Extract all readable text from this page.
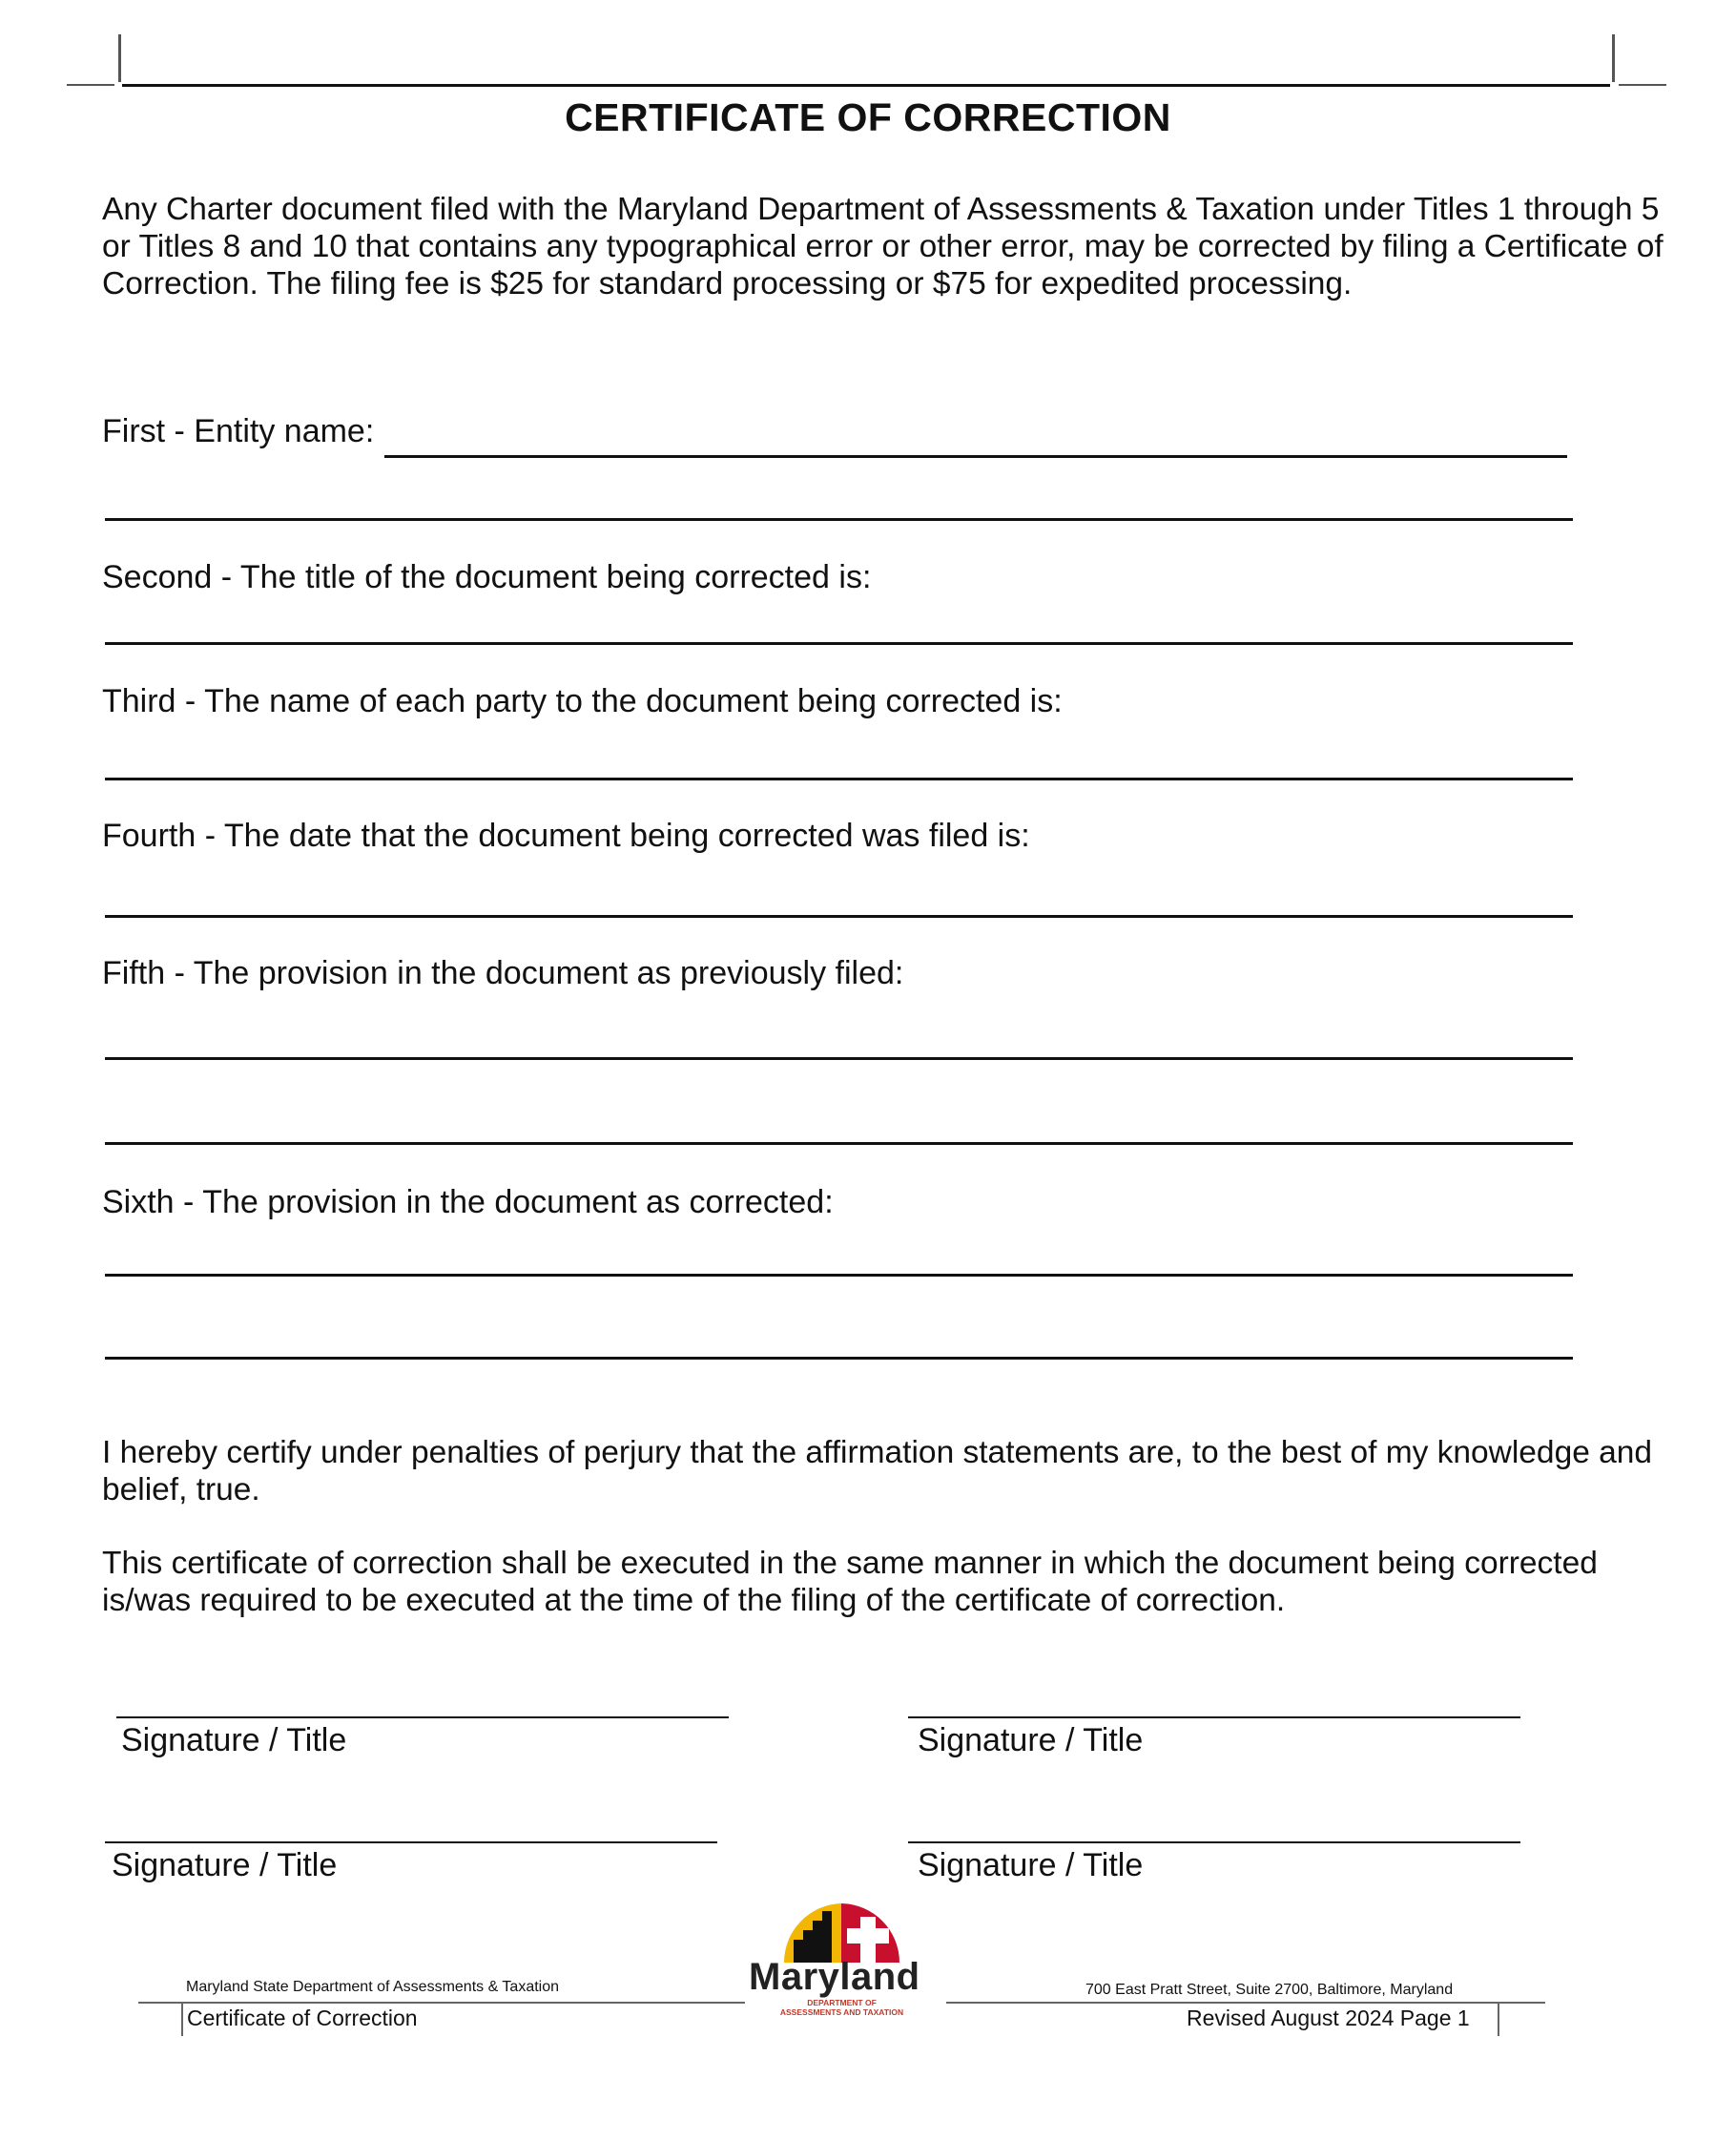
CERTIFICATE OF CORRECTION
Any Charter document filed with the Maryland Department of Assessments & Taxation under Titles 1 through 5 or Titles 8 and 10 that contains any typographical error or other error, may be corrected by filing a Certificate of Correction. The filing fee is $25 for standard processing or $75 for expedited processing.
First - Entity name:
Second - The title of the document being corrected is:
Third - The name of each party to the document being corrected is:
Fourth - The date that the document being corrected was filed is:
Fifth - The provision in the document as previously filed:
Sixth - The provision in the document as corrected:
I hereby certify under penalties of perjury that the affirmation statements are, to the best of my knowledge and belief, true.
This certificate of correction shall be executed in the same manner in which the document being corrected is/was required to be executed at the time of the filing of the certificate of correction.
Signature / Title	Signature / Title
Signature / Title	Signature / Title
Maryland State Department of Assessments & Taxation	700 East Pratt Street, Suite 2700, Baltimore, Maryland
Certificate of Correction	Revised August 2024 Page 1
Maryland
DEPARTMENT OF
ASSESSMENTS AND TAXATION
